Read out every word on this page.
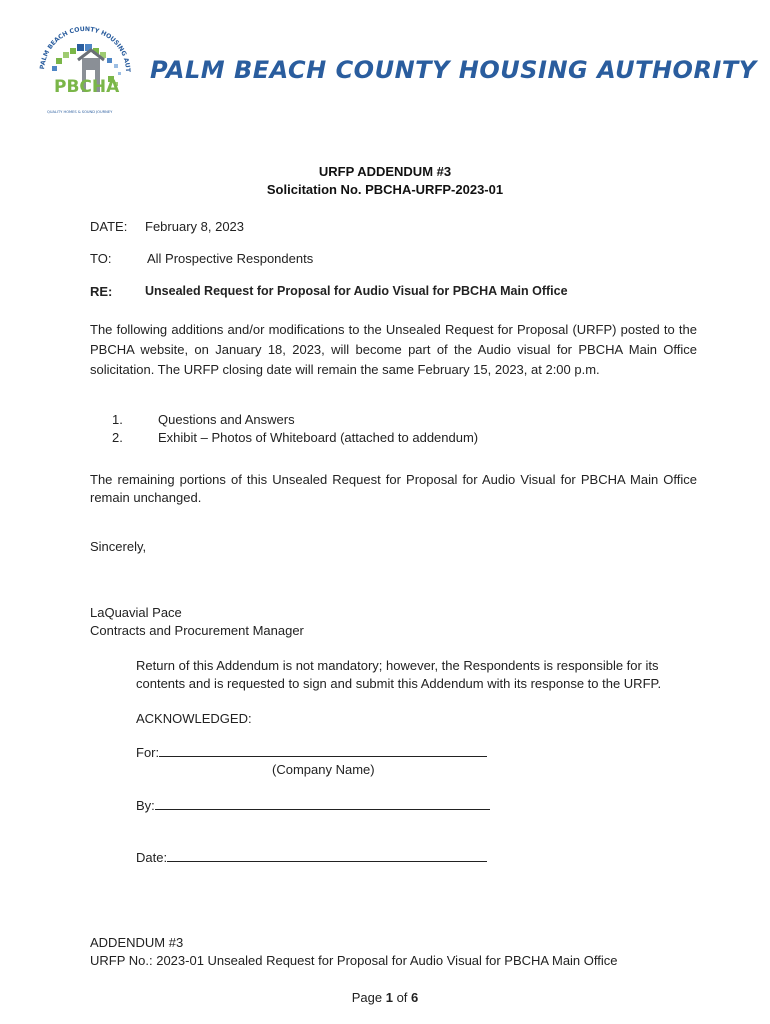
PALM BEACH COUNTY HOUSING AUT
PBCHA
QUALITY HOMES & SOUND JOURNEY
PALM BEACH COUNTY HOUSING AUTHORITY
URFP ADDENDUM #3
Solicitation No. PBCHA-URFP-2023-01
DATE: February 8, 2023
TO:	All Prospective Respondents
RE:	Unsealed Request for Proposal for Audio Visual for PBCHA Main Office

The following additions and/or modifications to the Unsealed Request for Proposal (URFP) posted to the PBCHA website, on January 18, 2023, will become part of the Audio visual for PBCHA Main Office solicitation. The URFP closing date will remain the same February 15, 2023, at 2:00 p.m.

1.	Questions and Answers
2.	Exhibit – Photos of Whiteboard (attached to addendum)

The remaining portions of this Unsealed Request for Proposal for Audio Visual for PBCHA Main Office remain unchanged.

Sincerely,
LaQuavial Pace
Contracts and Procurement Manager

Return of this Addendum is not mandatory; however, the Respondents is responsible for its contents and is requested to sign and submit this Addendum with its response to the URFP.

ACKNOWLEDGED:
For:
(Company Name)
By:
Date:
ADDENDUM #3
URFP No.: 2023-01 Unsealed Request for Proposal for Audio Visual for PBCHA Main Office
Page 1 of 6
